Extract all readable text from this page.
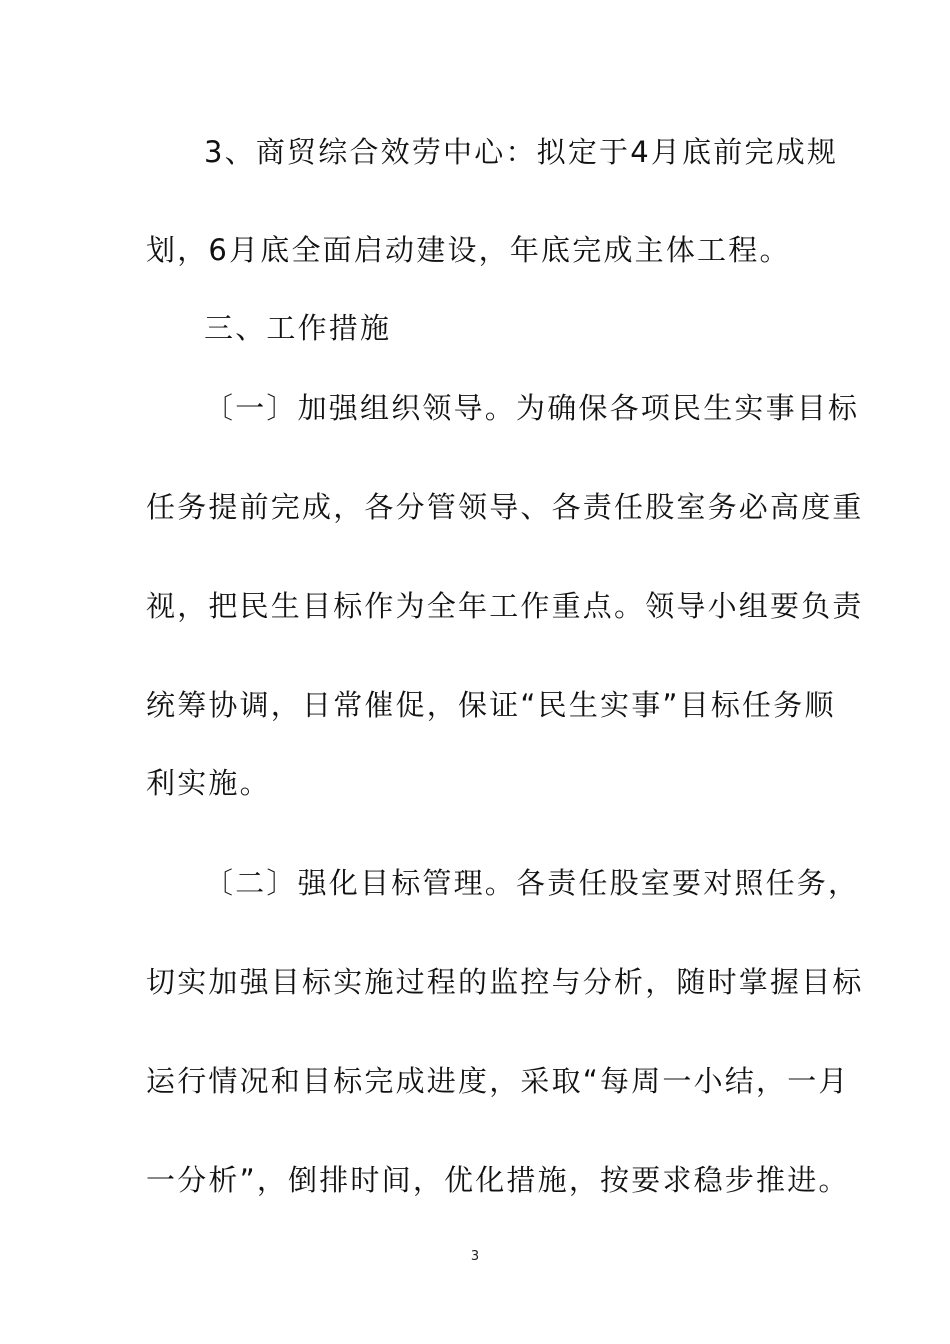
3、商贸综合效劳中心：拟定于4月底前完成规
划，6月底全面启动建设，年底完成主体工程。
三、工作措施
〔一〕加强组织领导。为确保各项民生实事目标
任务提前完成，各分管领导、各责任股室务必高度重
视，把民生目标作为全年工作重点。领导小组要负责
统筹协调，日常催促，保证“民生实事”目标任务顺
利实施。
〔二〕强化目标管理。各责任股室要对照任务，
切实加强目标实施过程的监控与分析，随时掌握目标
运行情况和目标完成进度，采取“每周一小结，一月
一分析”，倒排时间，优化措施，按要求稳步推进。
3
